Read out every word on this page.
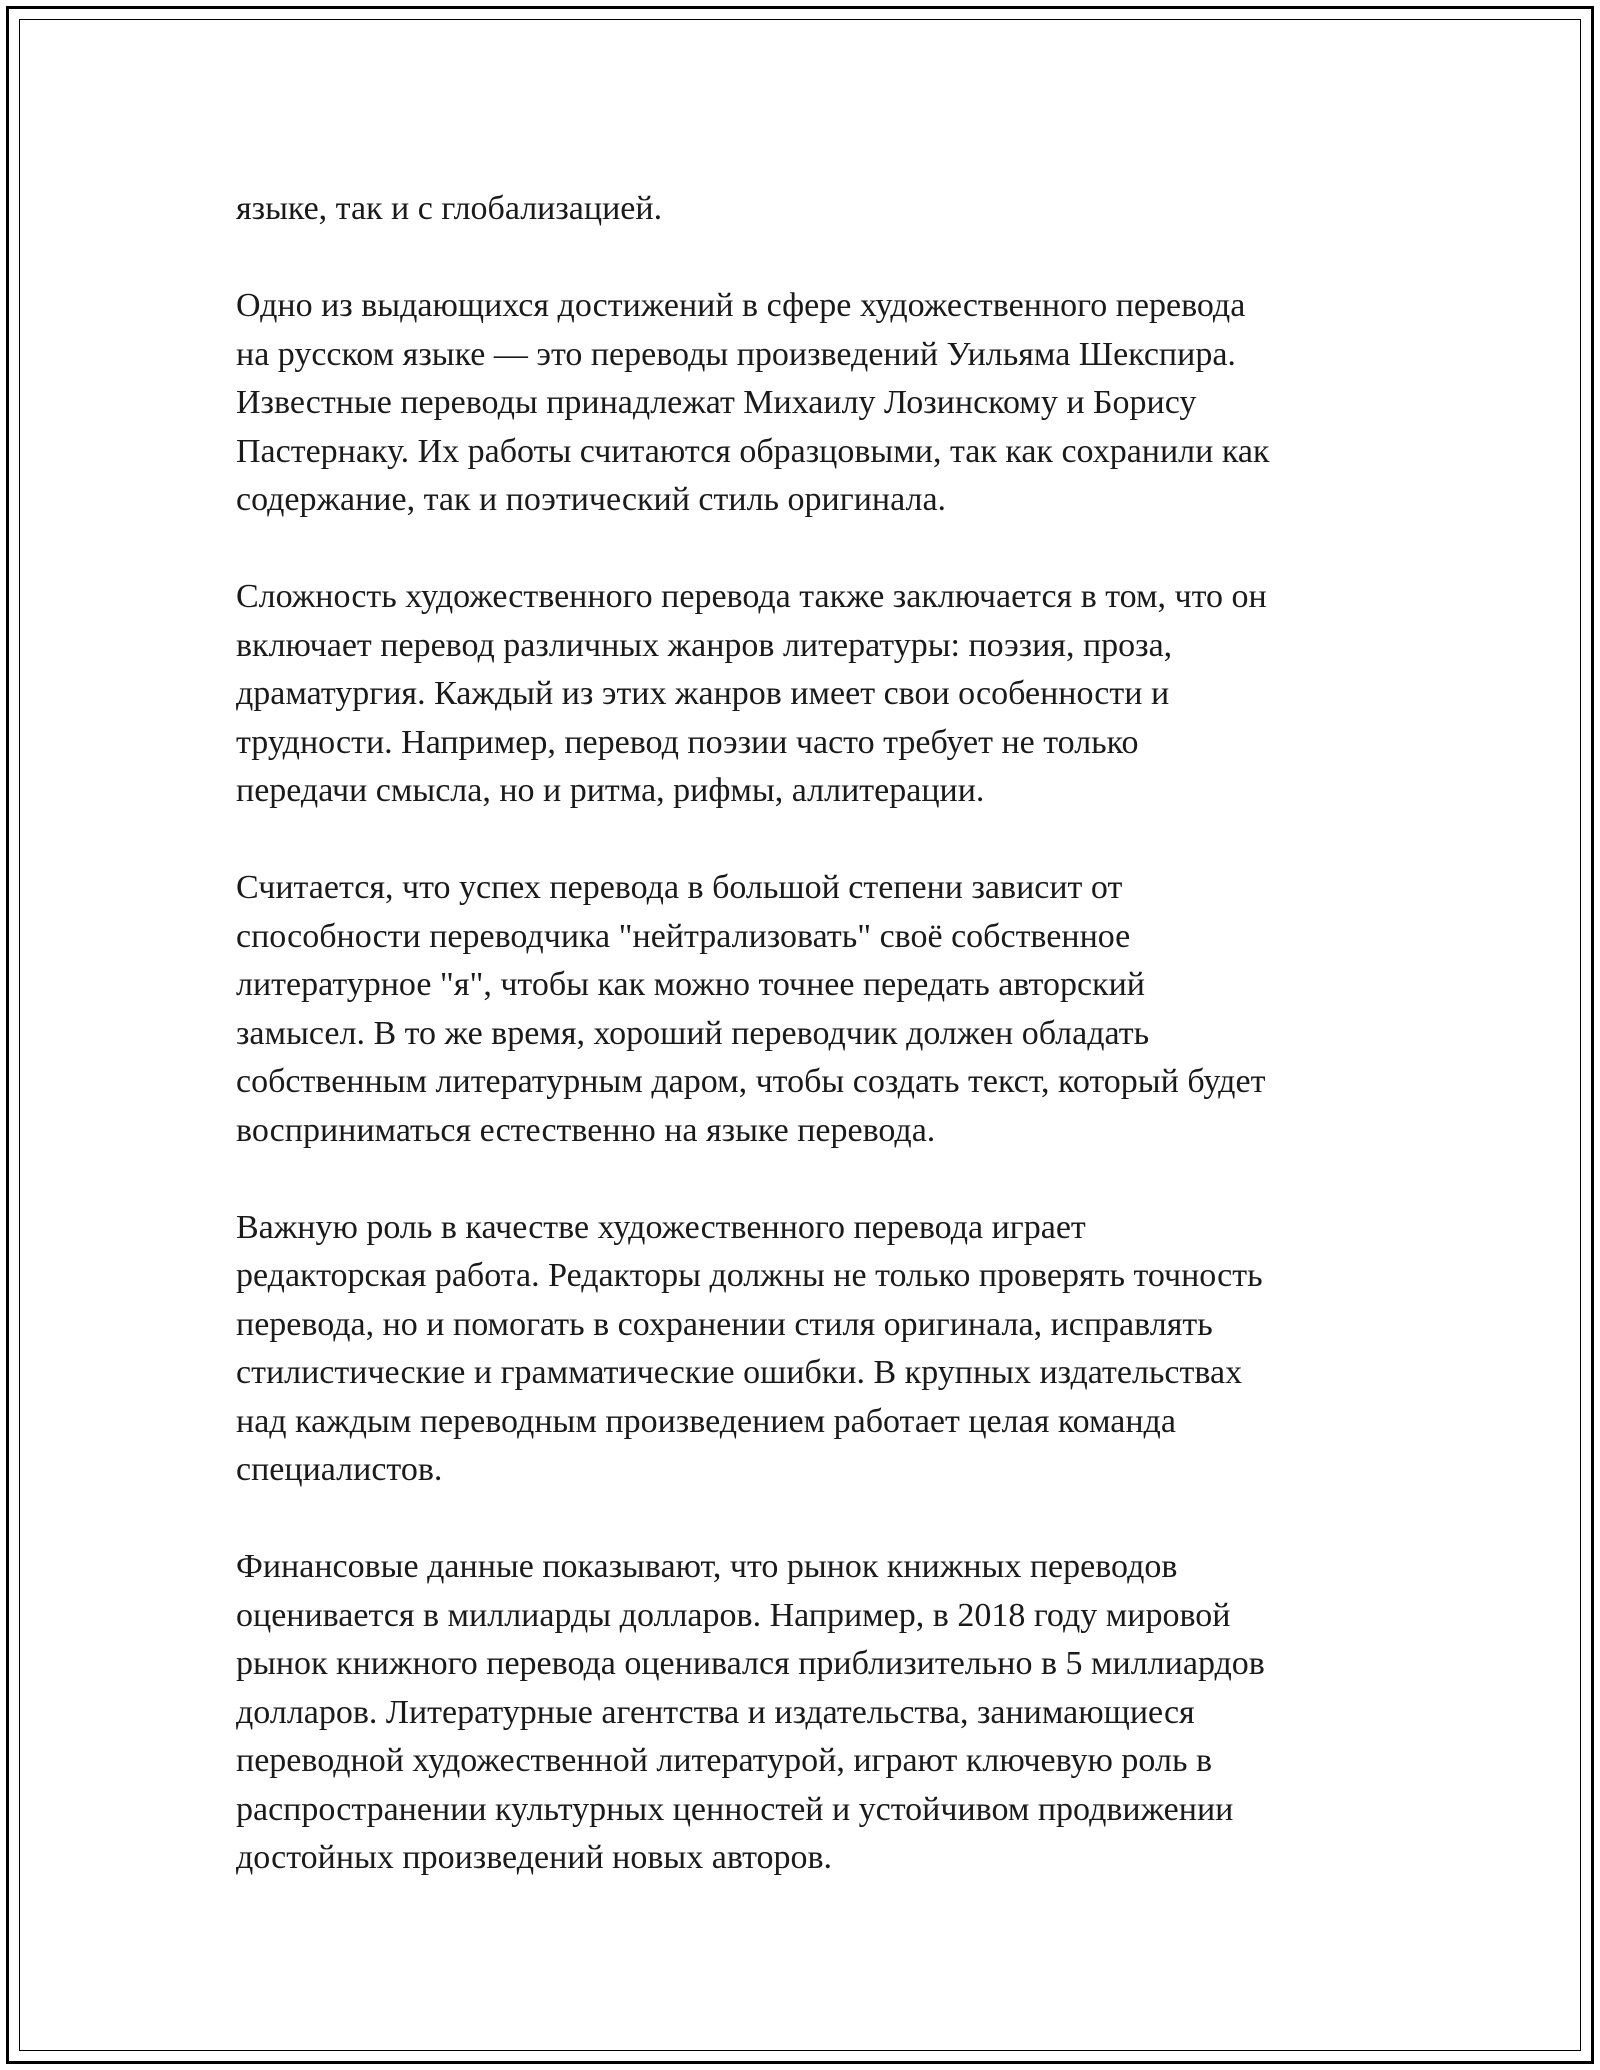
языке, так и с глобализацией.

Одно из выдающихся достижений в сфере художественного перевода
на русском языке — это переводы произведений Уильяма Шекспира.
Известные переводы принадлежат Михаилу Лозинскому и Борису
Пастернаку. Их работы считаются образцовыми, так как сохранили как
содержание, так и поэтический стиль оригинала.

Сложность художественного перевода также заключается в том, что он
включает перевод различных жанров литературы: поэзия, проза,
драматургия. Каждый из этих жанров имеет свои особенности и
трудности. Например, перевод поэзии часто требует не только
передачи смысла, но и ритма, рифмы, аллитерации.

Считается, что успех перевода в большой степени зависит от
способности переводчика "нейтрализовать" своё собственное
литературное "я", чтобы как можно точнее передать авторский
замысел. В то же время, хороший переводчик должен обладать
собственным литературным даром, чтобы создать текст, который будет
восприниматься естественно на языке перевода.

Важную роль в качестве художественного перевода играет
редакторская работа. Редакторы должны не только проверять точность
перевода, но и помогать в сохранении стиля оригинала, исправлять
стилистические и грамматические ошибки. В крупных издательствах
над каждым переводным произведением работает целая команда
специалистов.

Финансовые данные показывают, что рынок книжных переводов
оценивается в миллиарды долларов. Например, в 2018 году мировой
рынок книжного перевода оценивался приблизительно в 5 миллиардов
долларов. Литературные агентства и издательства, занимающиеся
переводной художественной литературой, играют ключевую роль в
распространении культурных ценностей и устойчивом продвижении
достойных произведений новых авторов.
